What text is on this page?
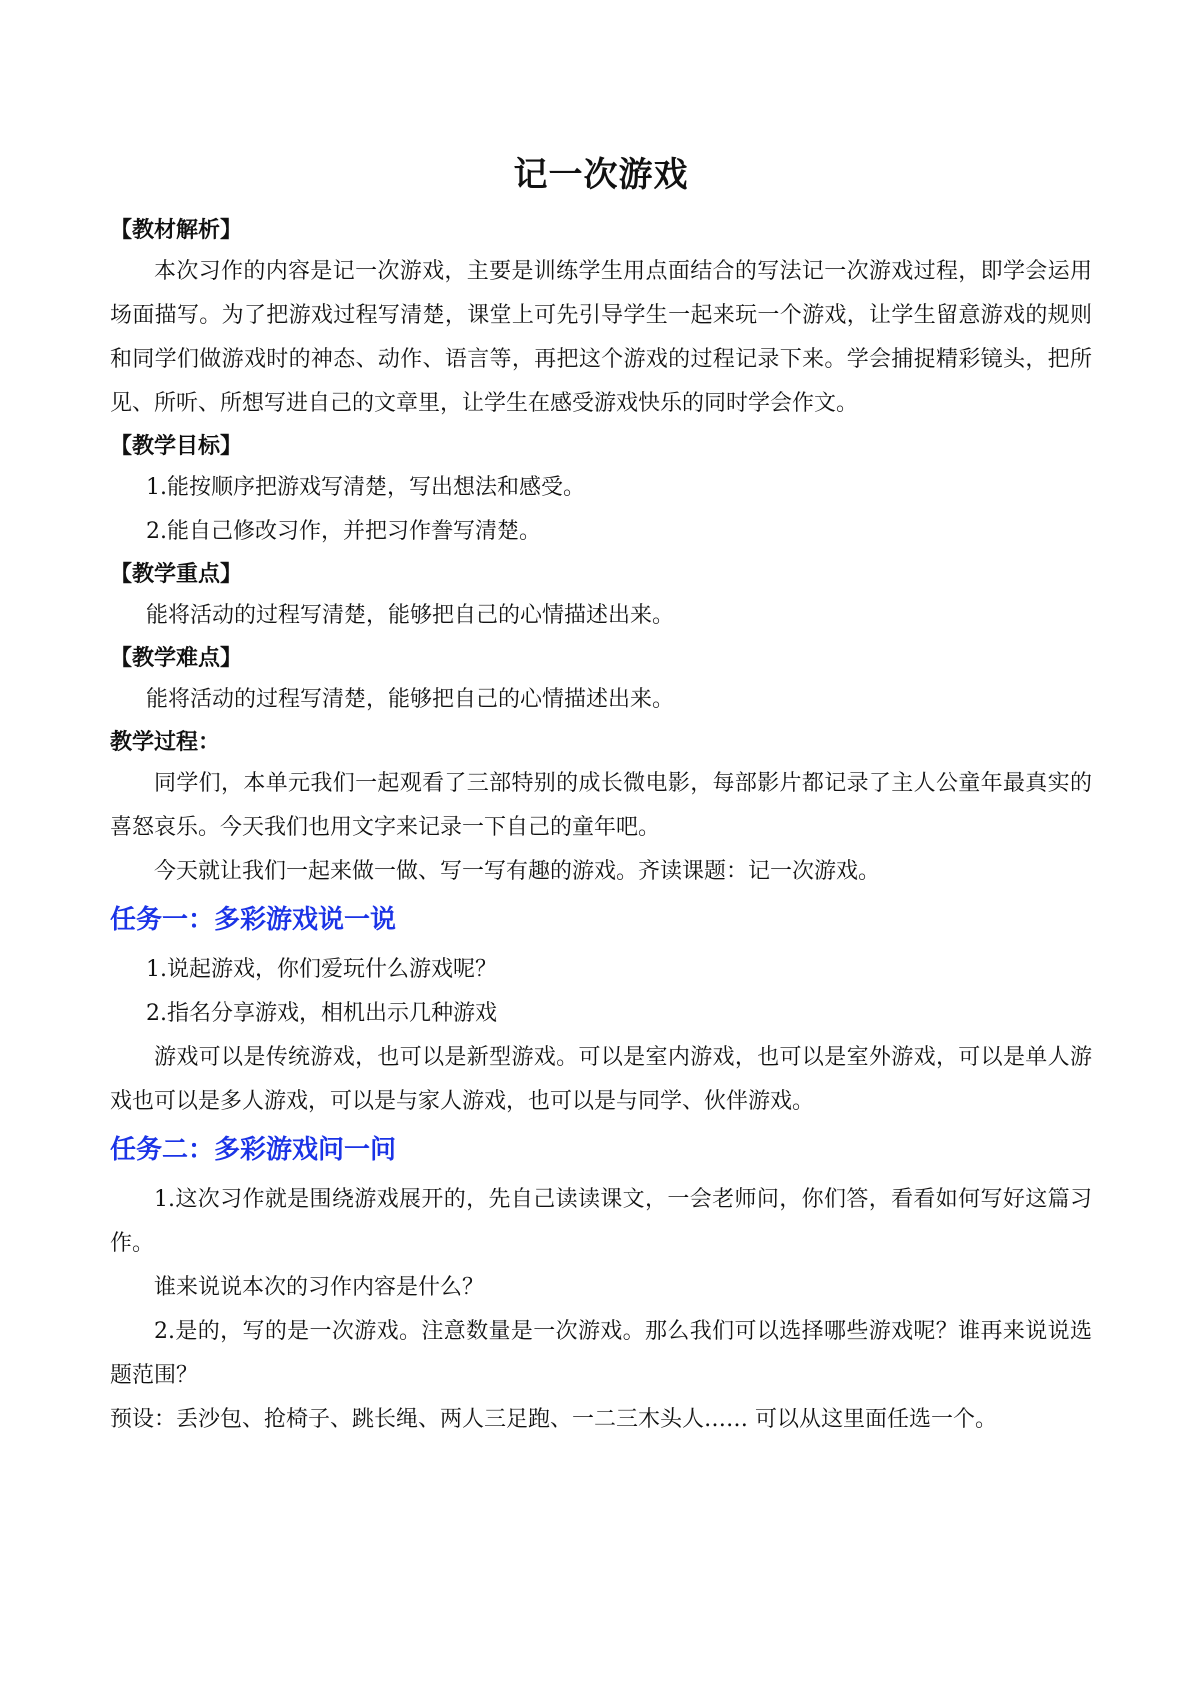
记一次游戏

【教材解析】

本次习作的内容是记一次游戏，主要是训练学生用点面结合的写法记一次游戏过程，即学会运用场面描写。为了把游戏过程写清楚，课堂上可先引导学生一起来玩一个游戏，让学生留意游戏的规则和同学们做游戏时的神态、动作、语言等，再把这个游戏的过程记录下来。学会捕捉精彩镜头，把所见、所听、所想写进自己的文章里，让学生在感受游戏快乐的同时学会作文。

【教学目标】

1.能按顺序把游戏写清楚，写出想法和感受。

2.能自己修改习作，并把习作誊写清楚。

【教学重点】

能将活动的过程写清楚，能够把自己的心情描述出来。

【教学难点】

能将活动的过程写清楚，能够把自己的心情描述出来。

教学过程：

同学们，本单元我们一起观看了三部特别的成长微电影，每部影片都记录了主人公童年最真实的喜怒哀乐。今天我们也用文字来记录一下自己的童年吧。

今天就让我们一起来做一做、写一写有趣的游戏。齐读课题：记一次游戏。

任务一：多彩游戏说一说

1.说起游戏，你们爱玩什么游戏呢？

2.指名分享游戏，相机出示几种游戏

游戏可以是传统游戏，也可以是新型游戏。可以是室内游戏，也可以是室外游戏，可以是单人游戏也可以是多人游戏，可以是与家人游戏，也可以是与同学、伙伴游戏。

任务二：多彩游戏问一问

1.这次习作就是围绕游戏展开的，先自己读读课文，一会老师问，你们答，看看如何写好这篇习作。

谁来说说本次的习作内容是什么？

2.是的，写的是一次游戏。注意数量是一次游戏。那么我们可以选择哪些游戏呢？谁再来说说选题范围？

预设：丢沙包、抢椅子、跳长绳、两人三足跑、一二三木头人…… 可以从这里面任选一个。
